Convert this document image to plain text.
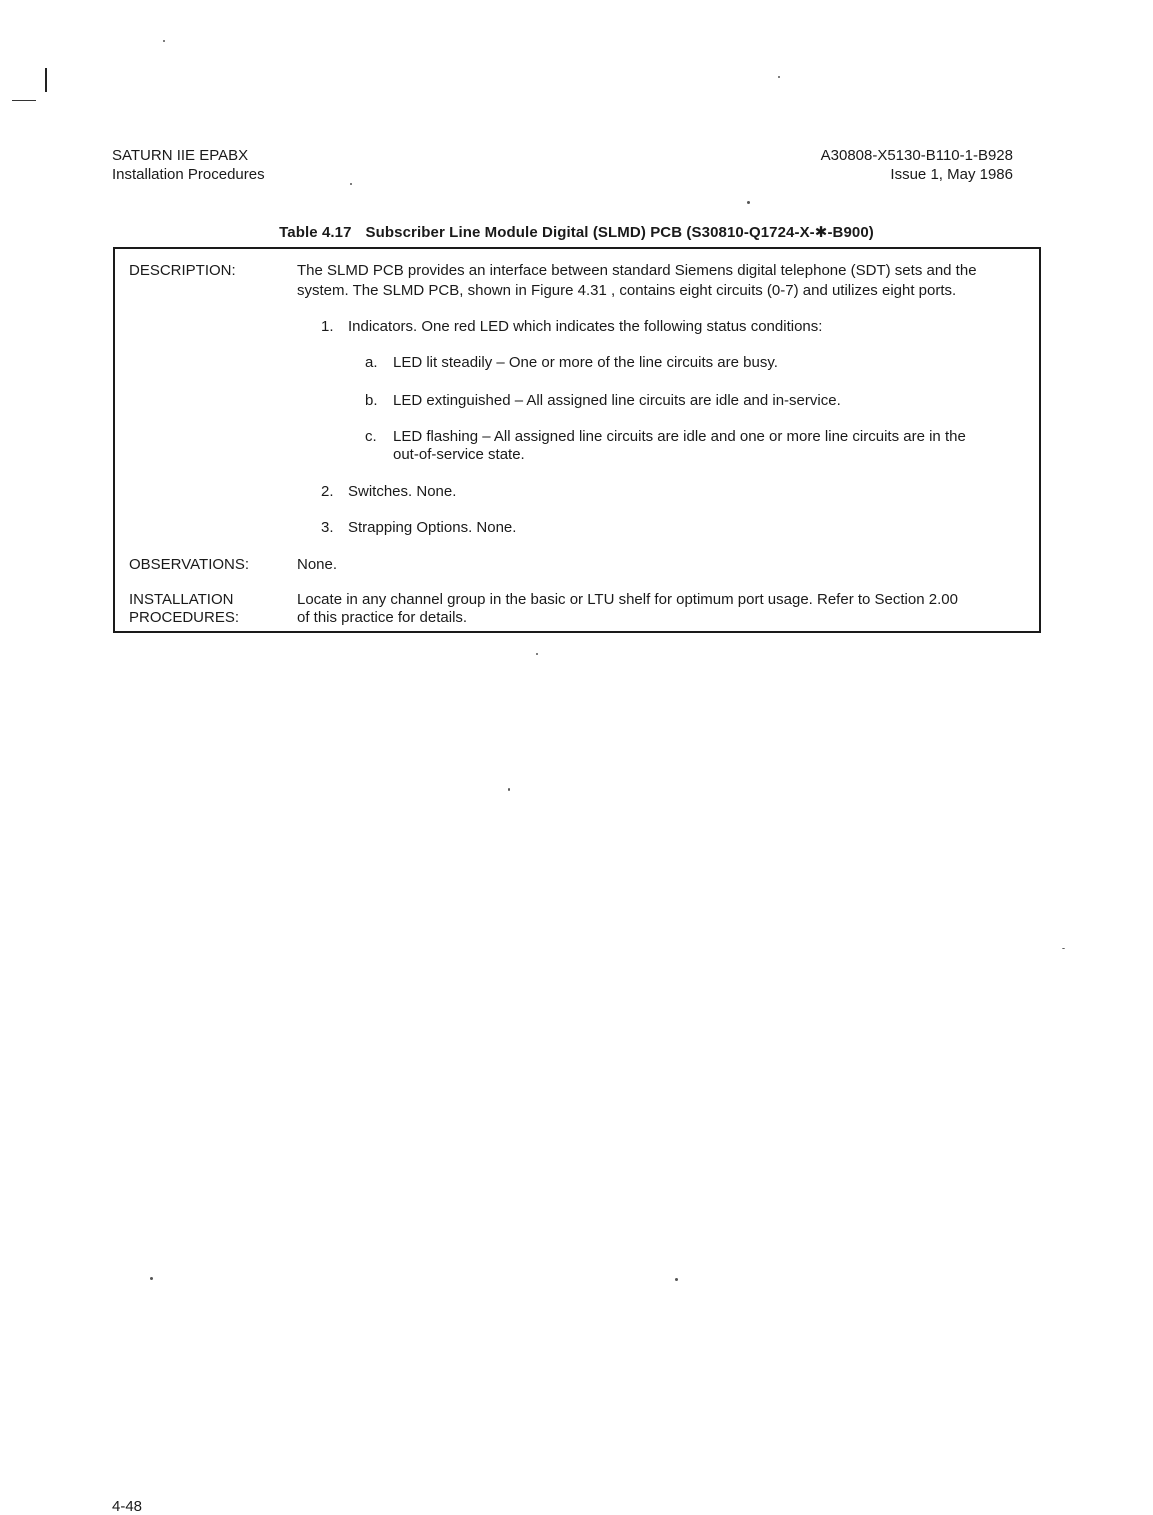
SATURN IIE EPABX
Installation Procedures
A30808-X5130-B110-1-B928
Issue 1, May 1986
Table 4.17 Subscriber Line Module Digital (SLMD) PCB (S30810-Q1724-X-✱-B900)
DESCRIPTION:	The SLMD PCB provides an interface between standard Siemens digital telephone (SDT) sets and the
system. The SLMD PCB, shown in Figure 4.31 , contains eight circuits (0-7) and utilizes eight ports.
1. Indicators. One red LED which indicates the following status conditions:
a. LED lit steadily – One or more of the line circuits are busy.
b. LED extinguished – All assigned line circuits are idle and in-service.
c. LED flashing – All assigned line circuits are idle and one or more line circuits are in the
out-of-service state.
2. Switches. None.
3. Strapping Options. None.
OBSERVATIONS:	None.
INSTALLATION
PROCEDURES:
Locate in any channel group in the basic or LTU shelf for optimum port usage. Refer to Section 2.00
of this practice for details.
4-48
